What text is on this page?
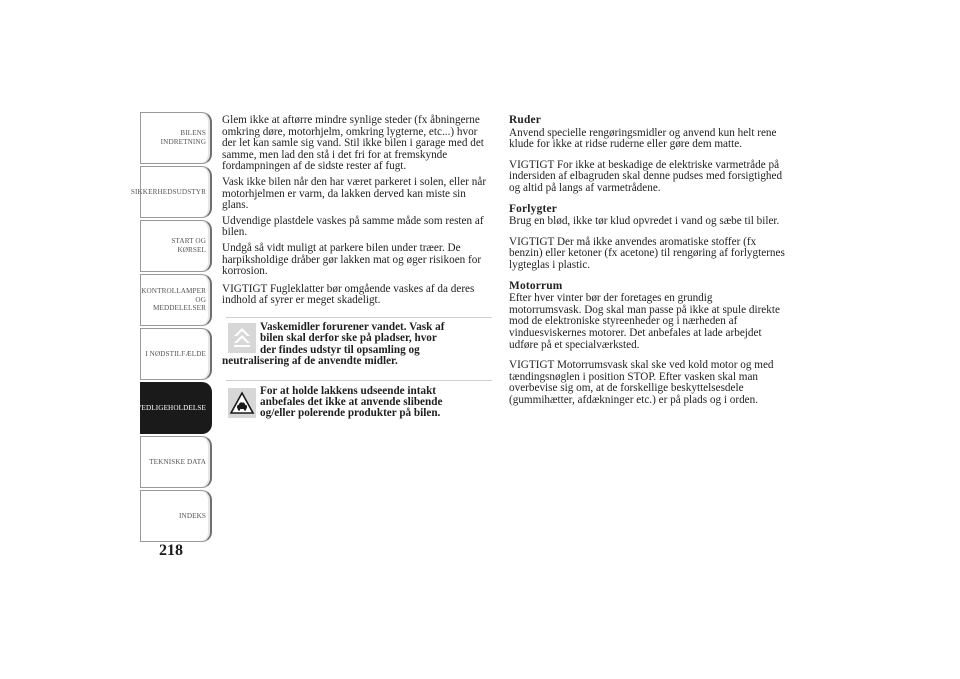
BILENS
INDRETNING
SIKKERHEDSUDSTYR
START OG KØRSEL
KONTROLLAMPER
OG MEDDELELSER
I NØDSTILFÆLDE
VEDLIGEHOLDELSE
TEKNISKE DATA
INDEKS
218

Glem ikke at aftørre mindre synlige steder (fx åbningerne omkring døre, motorhjelm, omkring lygterne, etc...) hvor der let kan samle sig vand. Stil ikke bilen i garage med det samme, men lad den stå i det fri for at fremskynde fordampningen af de sidste rester af fugt.

Vask ikke bilen når den har været parkeret i solen, eller når motorhjelmen er varm, da lakken derved kan miste sin glans.

Udvendige plastdele vaskes på samme måde som resten af bilen.

Undgå så vidt muligt at parkere bilen under træer. De harpiksholdige dråber gør lakken mat og øger risikoen for korrosion.

VIGTIGT Fugleklatter bør omgående vaskes af da deres indhold af syrer er meget skadeligt.

Vaskemidler forurener vandet. Vask af
bilen skal derfor ske på pladser, hvor
der findes udstyr til opsamling og
neutralisering af de anvendte midler.
For at holde lakkens udseende intakt
anbefales det ikke at anvende slibende
og/eller polerende produkter på bilen.
Ruder

Anvend specielle rengøringsmidler og anvend kun helt rene klude for ikke at ridse ruderne eller gøre dem matte.

VIGTIGT For ikke at beskadige de elektriske varmetråde på indersiden af elbagruden skal denne pudses med forsigtighed og altid på langs af varmetrådene.

Forlygter

Brug en blød, ikke tør klud opvredet i vand og sæbe til biler.

VIGTIGT Der må ikke anvendes aromatiske stoffer (fx benzin) eller ketoner (fx acetone) til rengøring af forlygternes lygteglas i plastic.

Motorrum

Efter hver vinter bør der foretages en grundig motorrumsvask. Dog skal man passe på ikke at spule direkte mod de elektroniske styreenheder og i nærheden af vinduesviskernes motorer. Det anbefales at lade arbejdet udføre på et specialværksted.

VIGTIGT Motorrumsvask skal ske ved kold motor og med tændingsnøglen i position STOP. Efter vasken skal man overbevise sig om, at de forskellige beskyttelsesdele (gummihætter, afdækninger etc.) er på plads og i orden.
